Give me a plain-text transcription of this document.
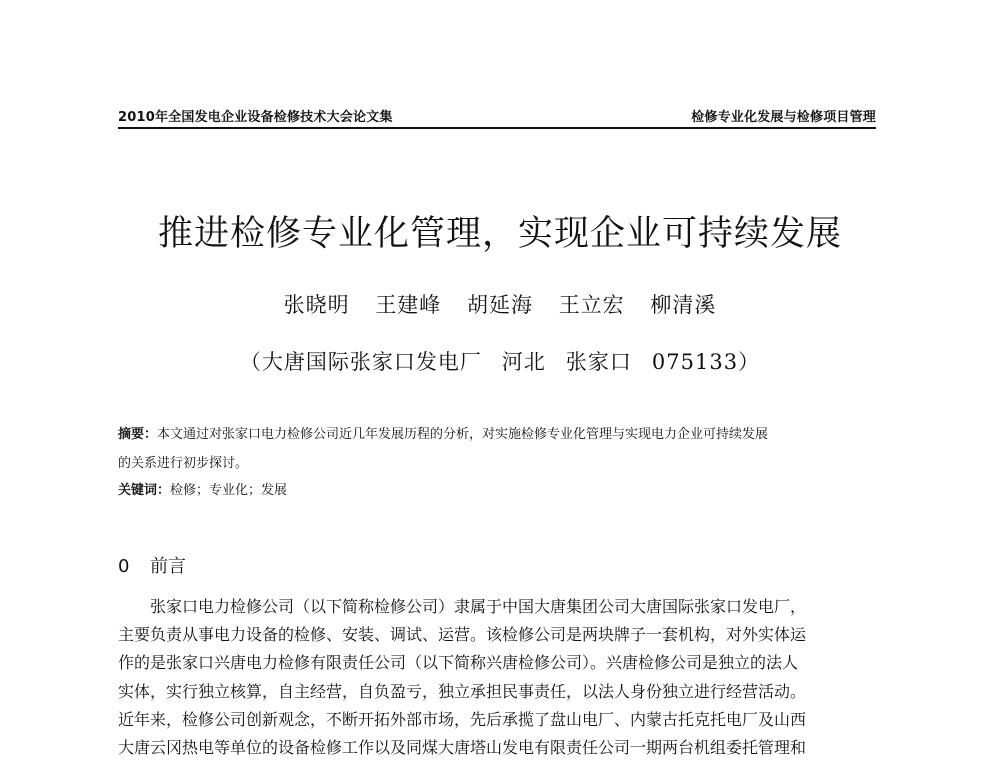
2010年全国发电企业设备检修技术大会论文集	检修专业化发展与检修项目管理
推进检修专业化管理，实现企业可持续发展
张晓明 王建峰 胡延海 王立宏 柳清溪
（大唐国际张家口发电厂 河北 张家口 075133）
摘要：本文通过对张家口电力检修公司近几年发展历程的分析，对实施检修专业化管理与实现电力企业可持续发展
的关系进行初步探讨。
关键词：检修；专业化；发展
0 前言
张家口电力检修公司（以下简称检修公司）隶属于中国大唐集团公司大唐国际张家口发电厂，
主要负责从事电力设备的检修、安装、调试、运营。该检修公司是两块牌子一套机构，对外实体运
作的是张家口兴唐电力检修有限责任公司（以下简称兴唐检修公司）。兴唐检修公司是独立的法人
实体，实行独立核算，自主经营，自负盈亏，独立承担民事责任，以法人身份独立进行经营活动。
近年来，检修公司创新观念，不断开拓外部市场，先后承揽了盘山电厂、内蒙古托克托电厂及山西
大唐云冈热电等单位的设备检修工作以及同煤大唐塔山发电有限责任公司一期两台机组委托管理和
